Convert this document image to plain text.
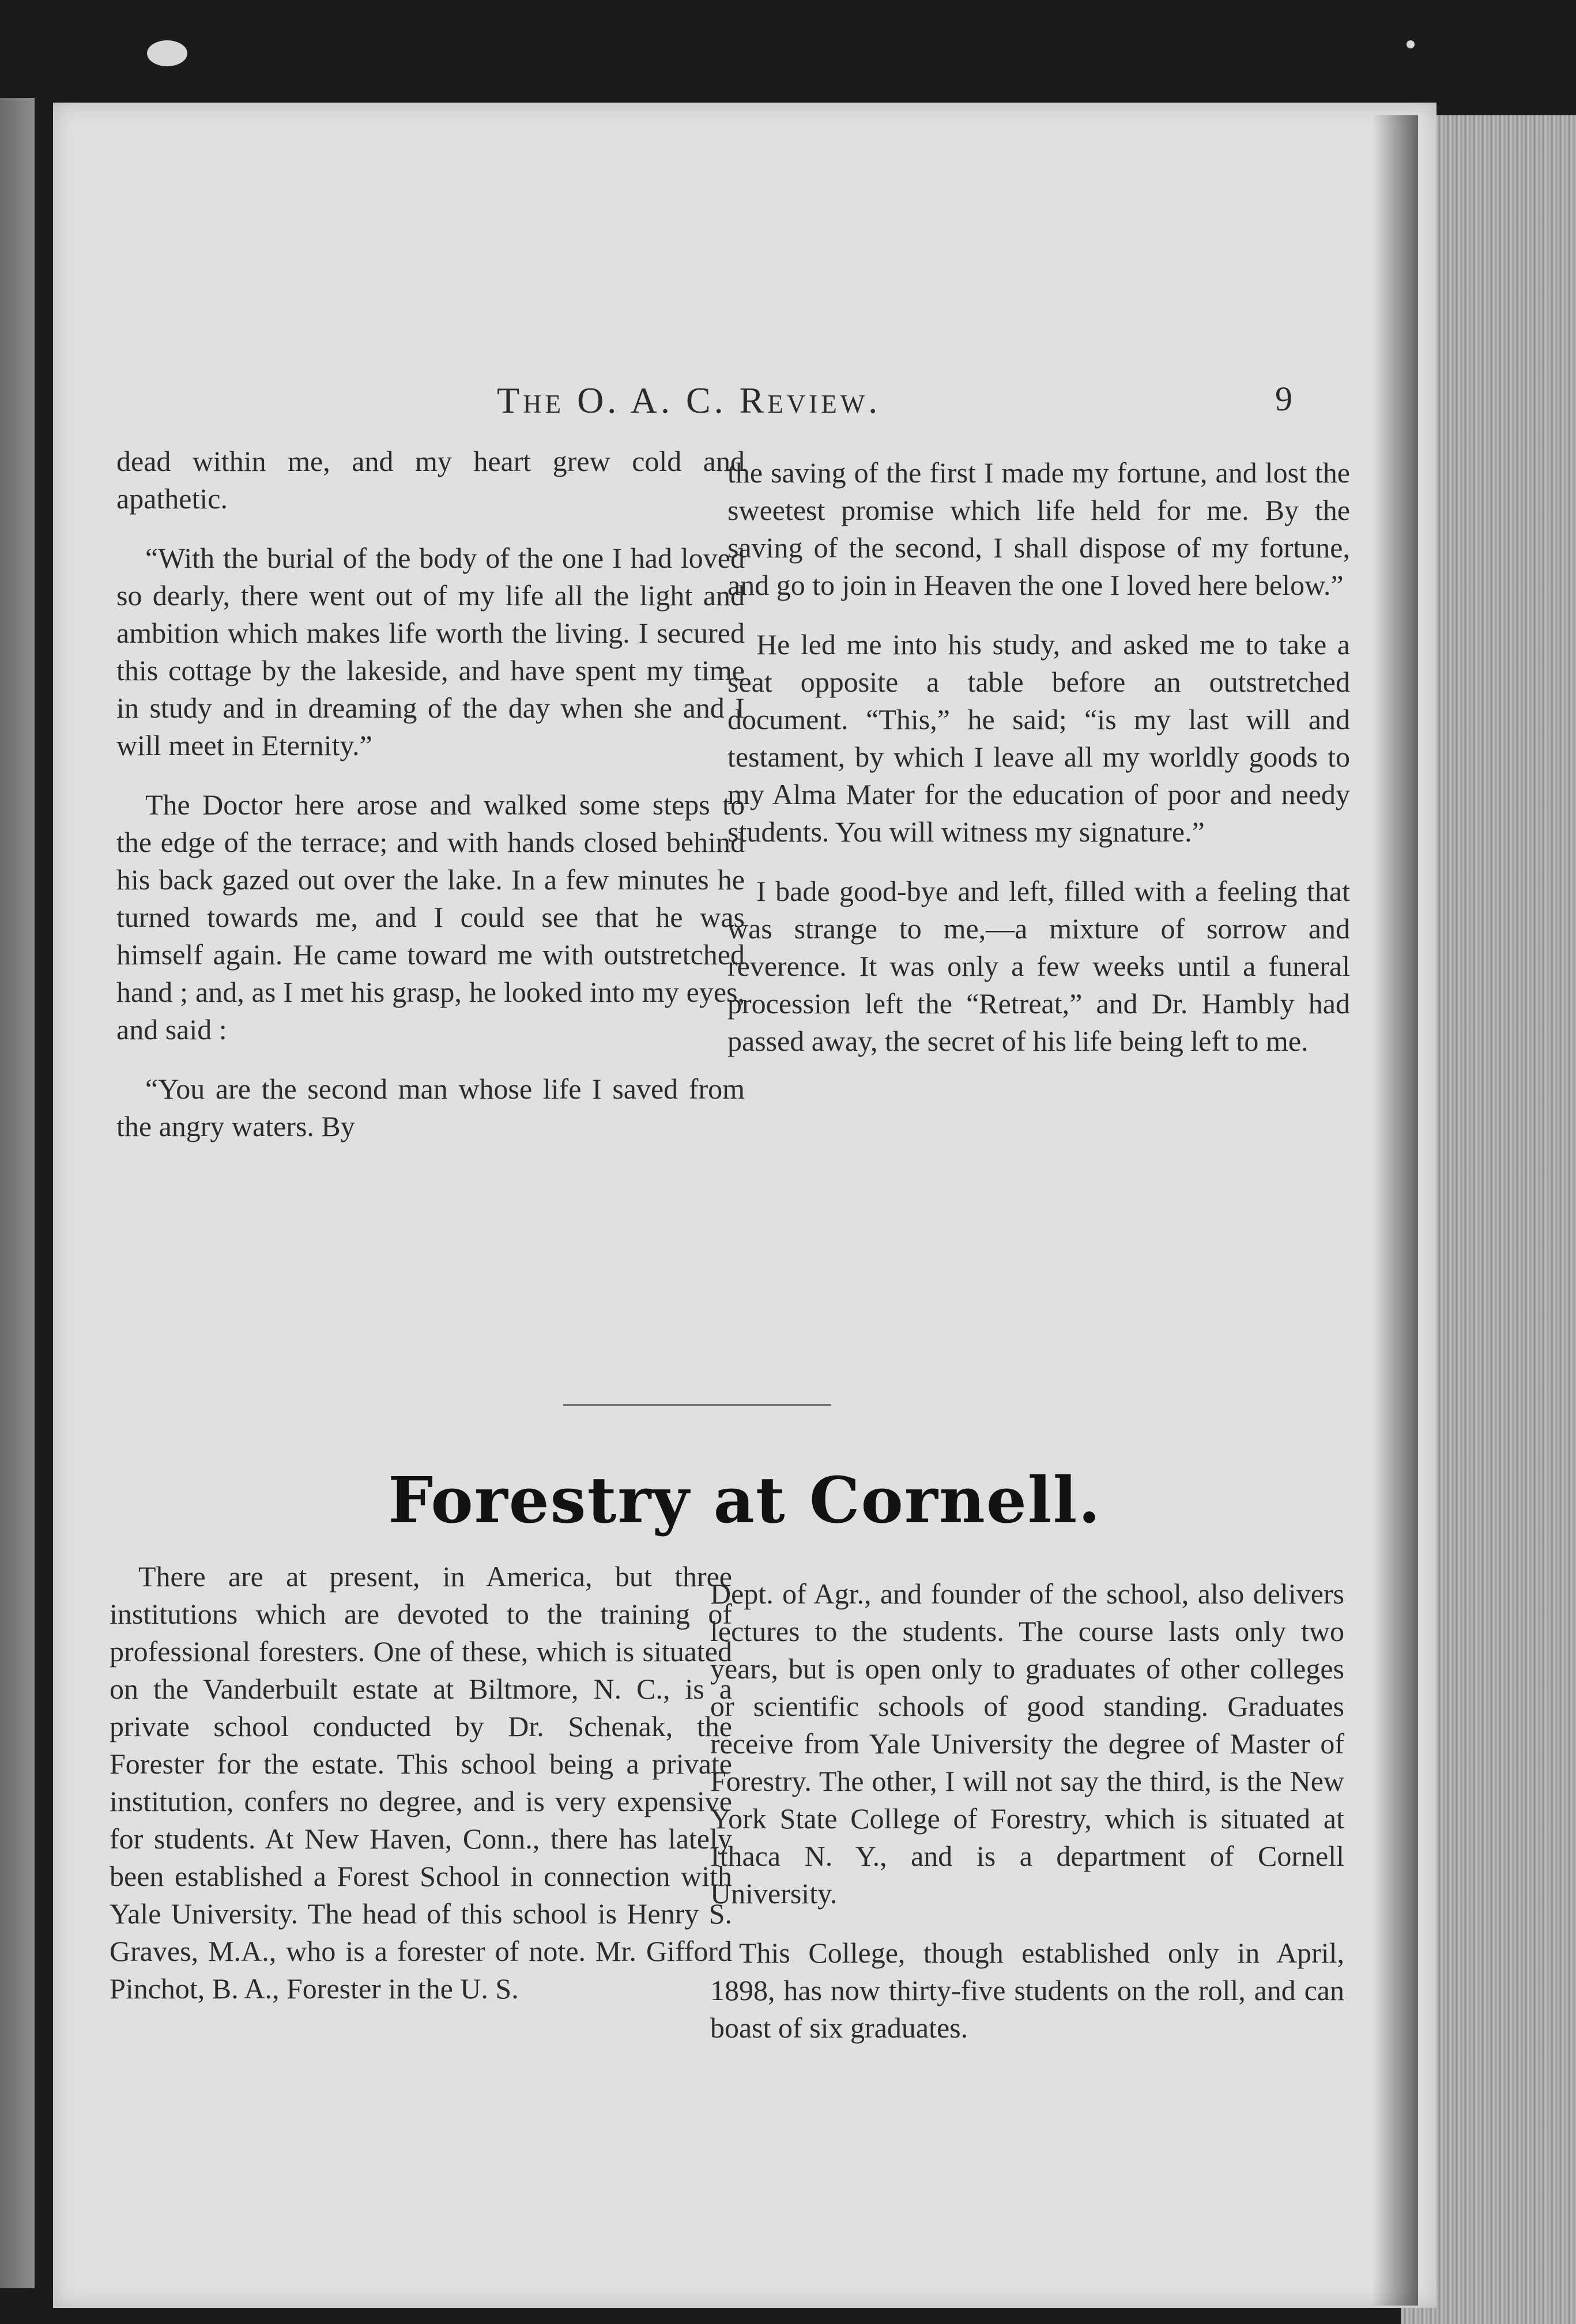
The O. A. C. Review.	9

dead within me, and my heart grew cold and apathetic.

“With the burial of the body of the one I had loved so dearly, there went out of my life all the light and ambition which makes life worth the living. I secured this cottage by the lakeside, and have spent my time in study and in dreaming of the day when she and I will meet in Eternity.”

The Doctor here arose and walked some steps to the edge of the terrace; and with hands closed behind his back gazed out over the lake. In a few minutes he turned towards me, and I could see that he was himself again. He came toward me with outstretched hand ; and, as I met his grasp, he looked into my eyes, and said :

“You are the second man whose life I saved from the angry waters. By

the saving of the first I made my fortune, and lost the sweetest promise which life held for me. By the saving of the second, I shall dispose of my fortune, and go to join in Heaven the one I loved here below.”

He led me into his study, and asked me to take a seat opposite a table before an outstretched document. “This,” he said; “is my last will and testament, by which I leave all my worldly goods to my Alma Mater for the education of poor and needy students. You will witness my signature.”

I bade good-bye and left, filled with a feeling that was strange to me,—a mixture of sorrow and reverence. It was only a few weeks until a funeral procession left the “Retreat,” and Dr. Hambly had passed away, the secret of his life being left to me.

Forestry at Cornell.

There are at present, in America, but three institutions which are devoted to the training of professional foresters. One of these, which is situated on the Vanderbuilt estate at Biltmore, N. C., is a private school conducted by Dr. Schenak, the Forester for the estate. This school being a private institution, confers no degree, and is very expensive for students. At New Haven, Conn., there has lately been established a Forest School in connection with Yale University. The head of this school is Henry S. Graves, M.A., who is a forester of note. Mr. Gifford Pinchot, B. A., Forester in the U. S.

Dept. of Agr., and founder of the school, also delivers lectures to the students. The course lasts only two years, but is open only to graduates of other colleges or scientific schools of good standing. Graduates receive from Yale University the degree of Master of Forestry. The other, I will not say the third, is the New York State College of Forestry, which is situated at Ithaca N. Y., and is a department of Cornell University.

This College, though established only in April, 1898, has now thirty-five students on the roll, and can boast of six graduates.
